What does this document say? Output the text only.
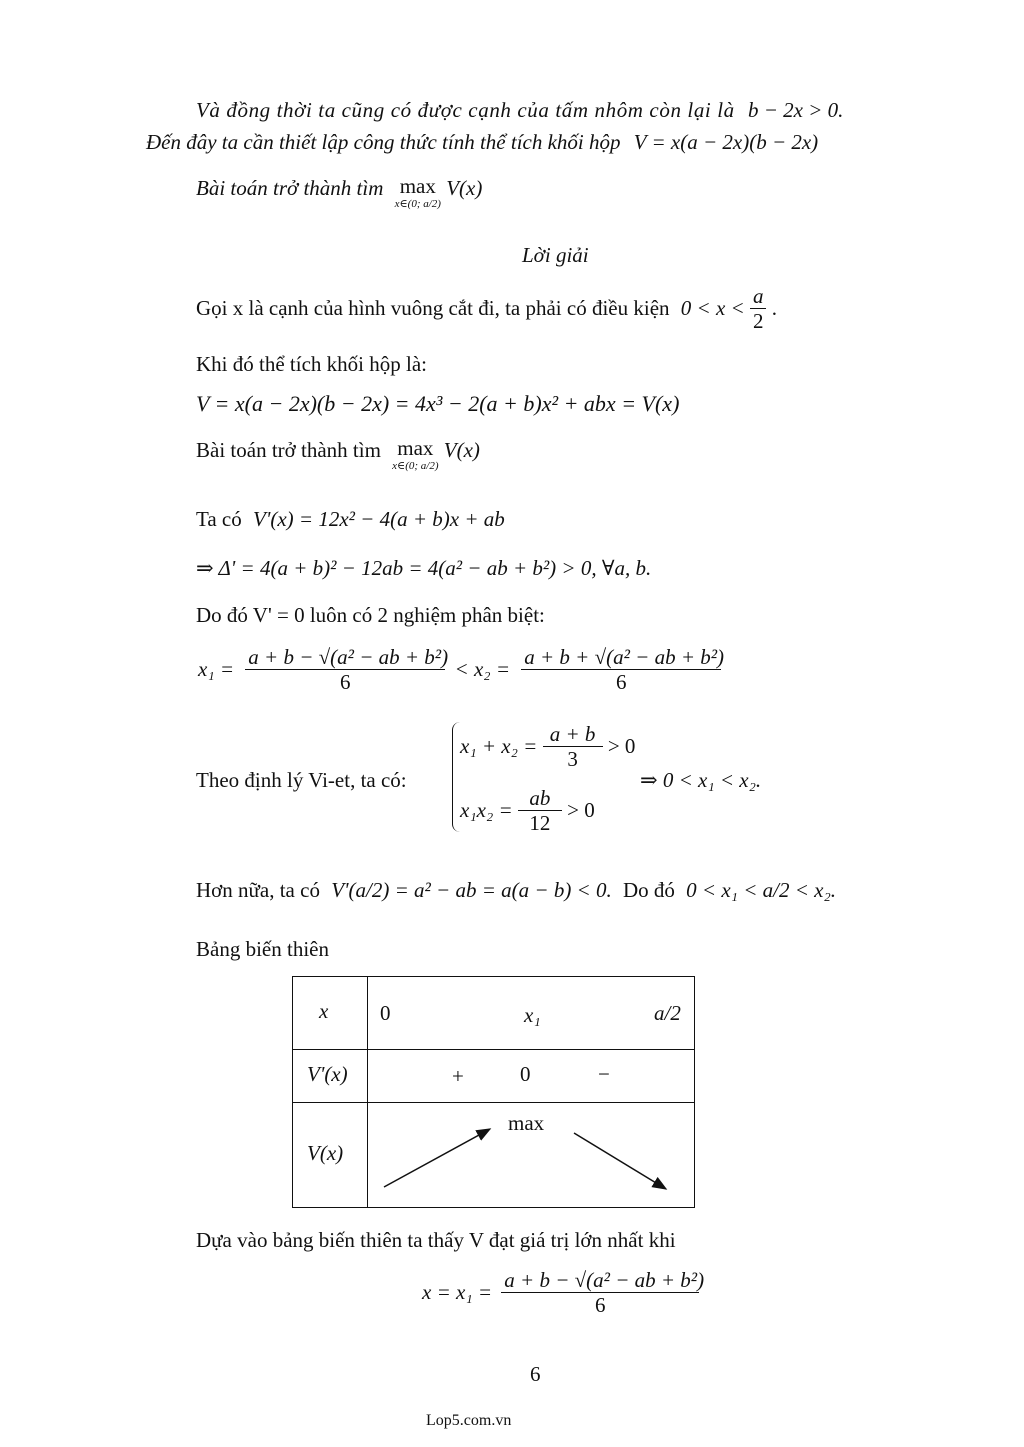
Và đồng thời ta cũng có được cạnh của tấm nhôm còn lại là b − 2x > 0.
Đến đây ta cần thiết lập công thức tính thể tích khối hộp V = x(a − 2x)(b − 2x)
Bài toán trở thành tìm max
x∈(0; a/2)
V(x)
Lời giải
Gọi x là cạnh của hình vuông cắt đi, ta phải có điều kiện $0 < x < \frac{a}{2}$ .
Khi đó thể tích khối hộp là:
V = x(a − 2x)(b − 2x) = 4x³ − 2(a + b)x² + abx = V(x)
Bài toán trở thành tìm max
x∈(0; a/2)
V(x)
Ta có V'(x) = 12x² − 4(a + b)x + ab
⇒ Δ' = 4(a + b)² − 12ab = 4(a² − ab + b²) > 0, ∀a, b.
Do đó V' = 0 luôn có 2 nghiệm phân biệt:
$x_1 = \frac{\text{a + b − √(a² − ab + b²)}}{6} < x_2 = \frac{\text{a + b + √(a² − ab + b²)}}{6}$
Theo định lý Vi-et, ta có:
$x_1 + x_2 = \frac{a + b}{3} > 0$
$x_1x_2 = \frac{ab}{12} > 0$
⇒ 0 < x₁ < x₂.
Hơn nữa, ta có V'(a/2) = a² − ab = a(a − b) < 0. Do đó 0 < x₁ < a/2 < x₂.
Bảng biến thiên
x	0 x₁ a/2

V'(x)	+ 0 −

V(x)	max
Dựa vào bảng biến thiên ta thấy V đạt giá trị lớn nhất khi
$x = x_1 = \frac{\text{a + b − √(a² − ab + b²)}}{6}$
6
Lop5.com.vn
